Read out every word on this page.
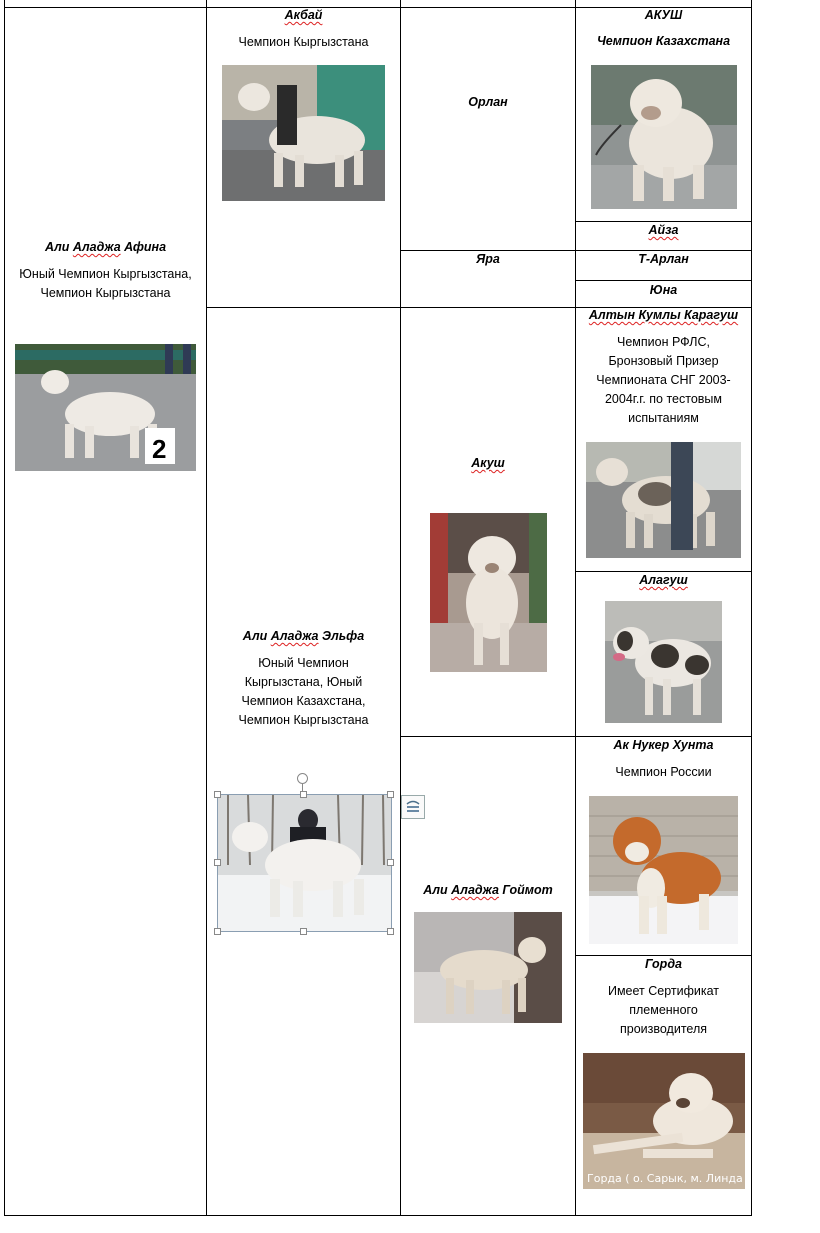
Али Аладжа Афина
Юный Чемпион Кыргызстана, Чемпион Кыргызстана
2
Акбай
Чемпион Кыргызстана
Орлан
Яра
АКУШ
Чемпион Казахстана
Айза
Т-Арлан
Юна
Алтын Кумлы Карагуш
Чемпион РФЛС, Бронзовый Призер Чемпионата СНГ 2003-2004г.г. по тестовым испытаниям
Акуш
Алагуш
Али Аладжа Эльфа
Юный Чемпион Кыргызстана, Юный Чемпион Казахстана, Чемпион Кыргызстана
Ак Нукер Хунта
Чемпион России
Али Аладжа Гоймот
Горда
Имеет Сертификат племенного производителя
Горда ( о. Сарык, м. Линда
